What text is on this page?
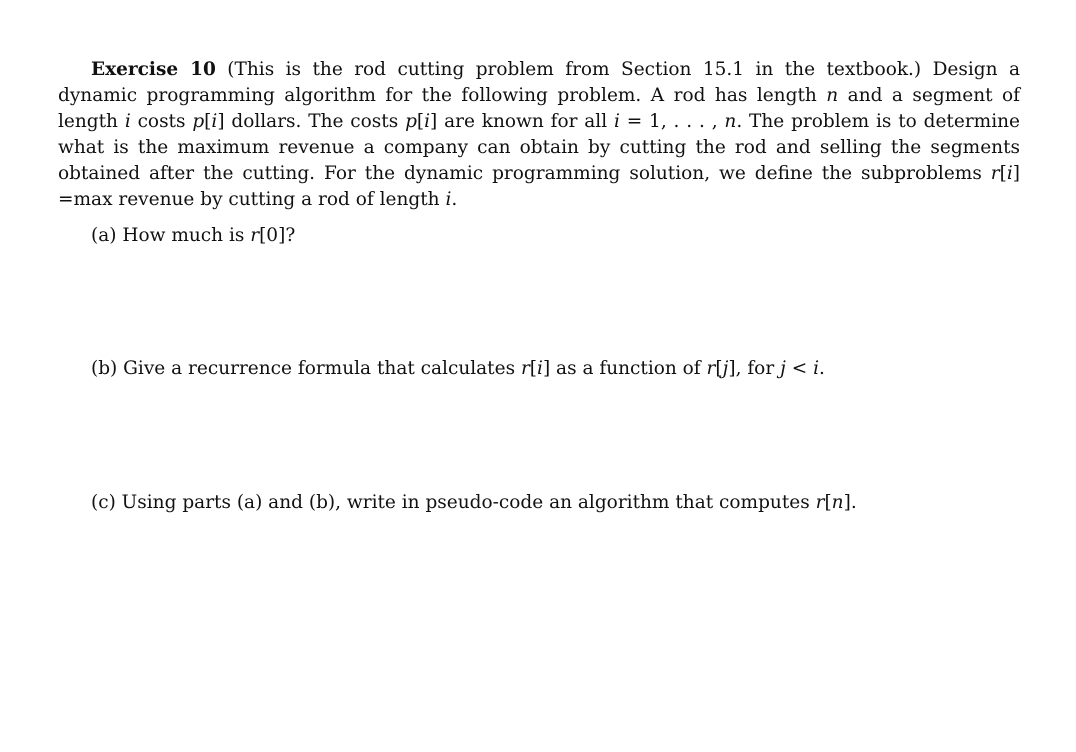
Exercise 10 (This is the rod cutting problem from Section 15.1 in the textbook.) Design a dynamic programming algorithm for the following problem. A rod has length n and a segment of length i costs p[i] dollars. The costs p[i] are known for all i = 1, . . . , n. The problem is to determine what is the maximum revenue a company can obtain by cutting the rod and selling the segments obtained after the cutting. For the dynamic programming solution, we define the subproblems r[i] =max revenue by cutting a rod of length i.

(a) How much is r[0]?

(b) Give a recurrence formula that calculates r[i] as a function of r[j], for j < i.

(c) Using parts (a) and (b), write in pseudo-code an algorithm that computes r[n].
